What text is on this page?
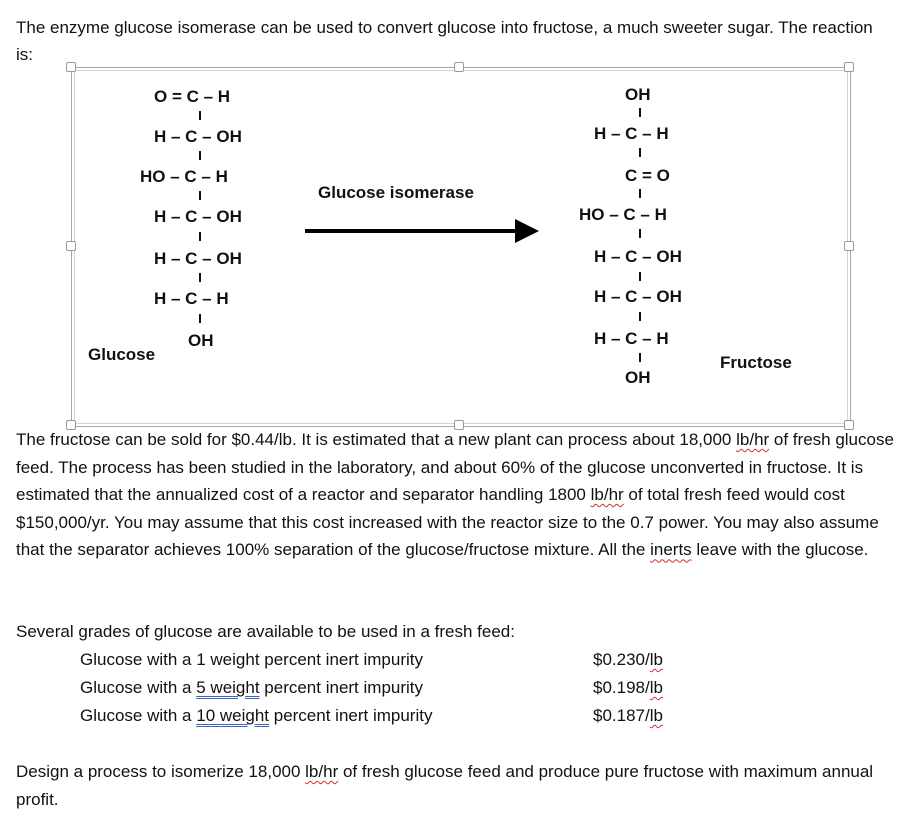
The enzyme glucose isomerase can be used to convert glucose into fructose, a much sweeter sugar. The reaction
is:
O = C – H
H – C – OH
HO – C – H
H – C – OH
H – C – OH
H – C – H
OH
Glucose
Glucose isomerase
OH
H – C – H
C = O
HO – C – H
H – C – OH
H – C – OH
H – C – H
OH
Fructose
The fructose can be sold for $0.44/lb. It is estimated that a new plant can process about 18,000 lb/hr of fresh glucose feed. The process has been studied in the laboratory, and about 60% of the glucose unconverted in fructose. It is estimated that the annualized cost of a reactor and separator handling 1800 lb/hr of total fresh feed would cost $150,000/yr. You may assume that this cost increased with the reactor size to the 0.7 power. You may also assume that the separator achieves 100% separation of the glucose/fructose mixture. All the inerts leave with the glucose.
Several grades of glucose are available to be used in a fresh feed:
Glucose with a 1 weight percent inert impurity	$0.230/lb
Glucose with a 5 weight percent inert impurity	$0.198/lb
Glucose with a 10 weight percent inert impurity	$0.187/lb
Design a process to isomerize 18,000 lb/hr of fresh glucose feed and produce pure fructose with maximum annual profit.
